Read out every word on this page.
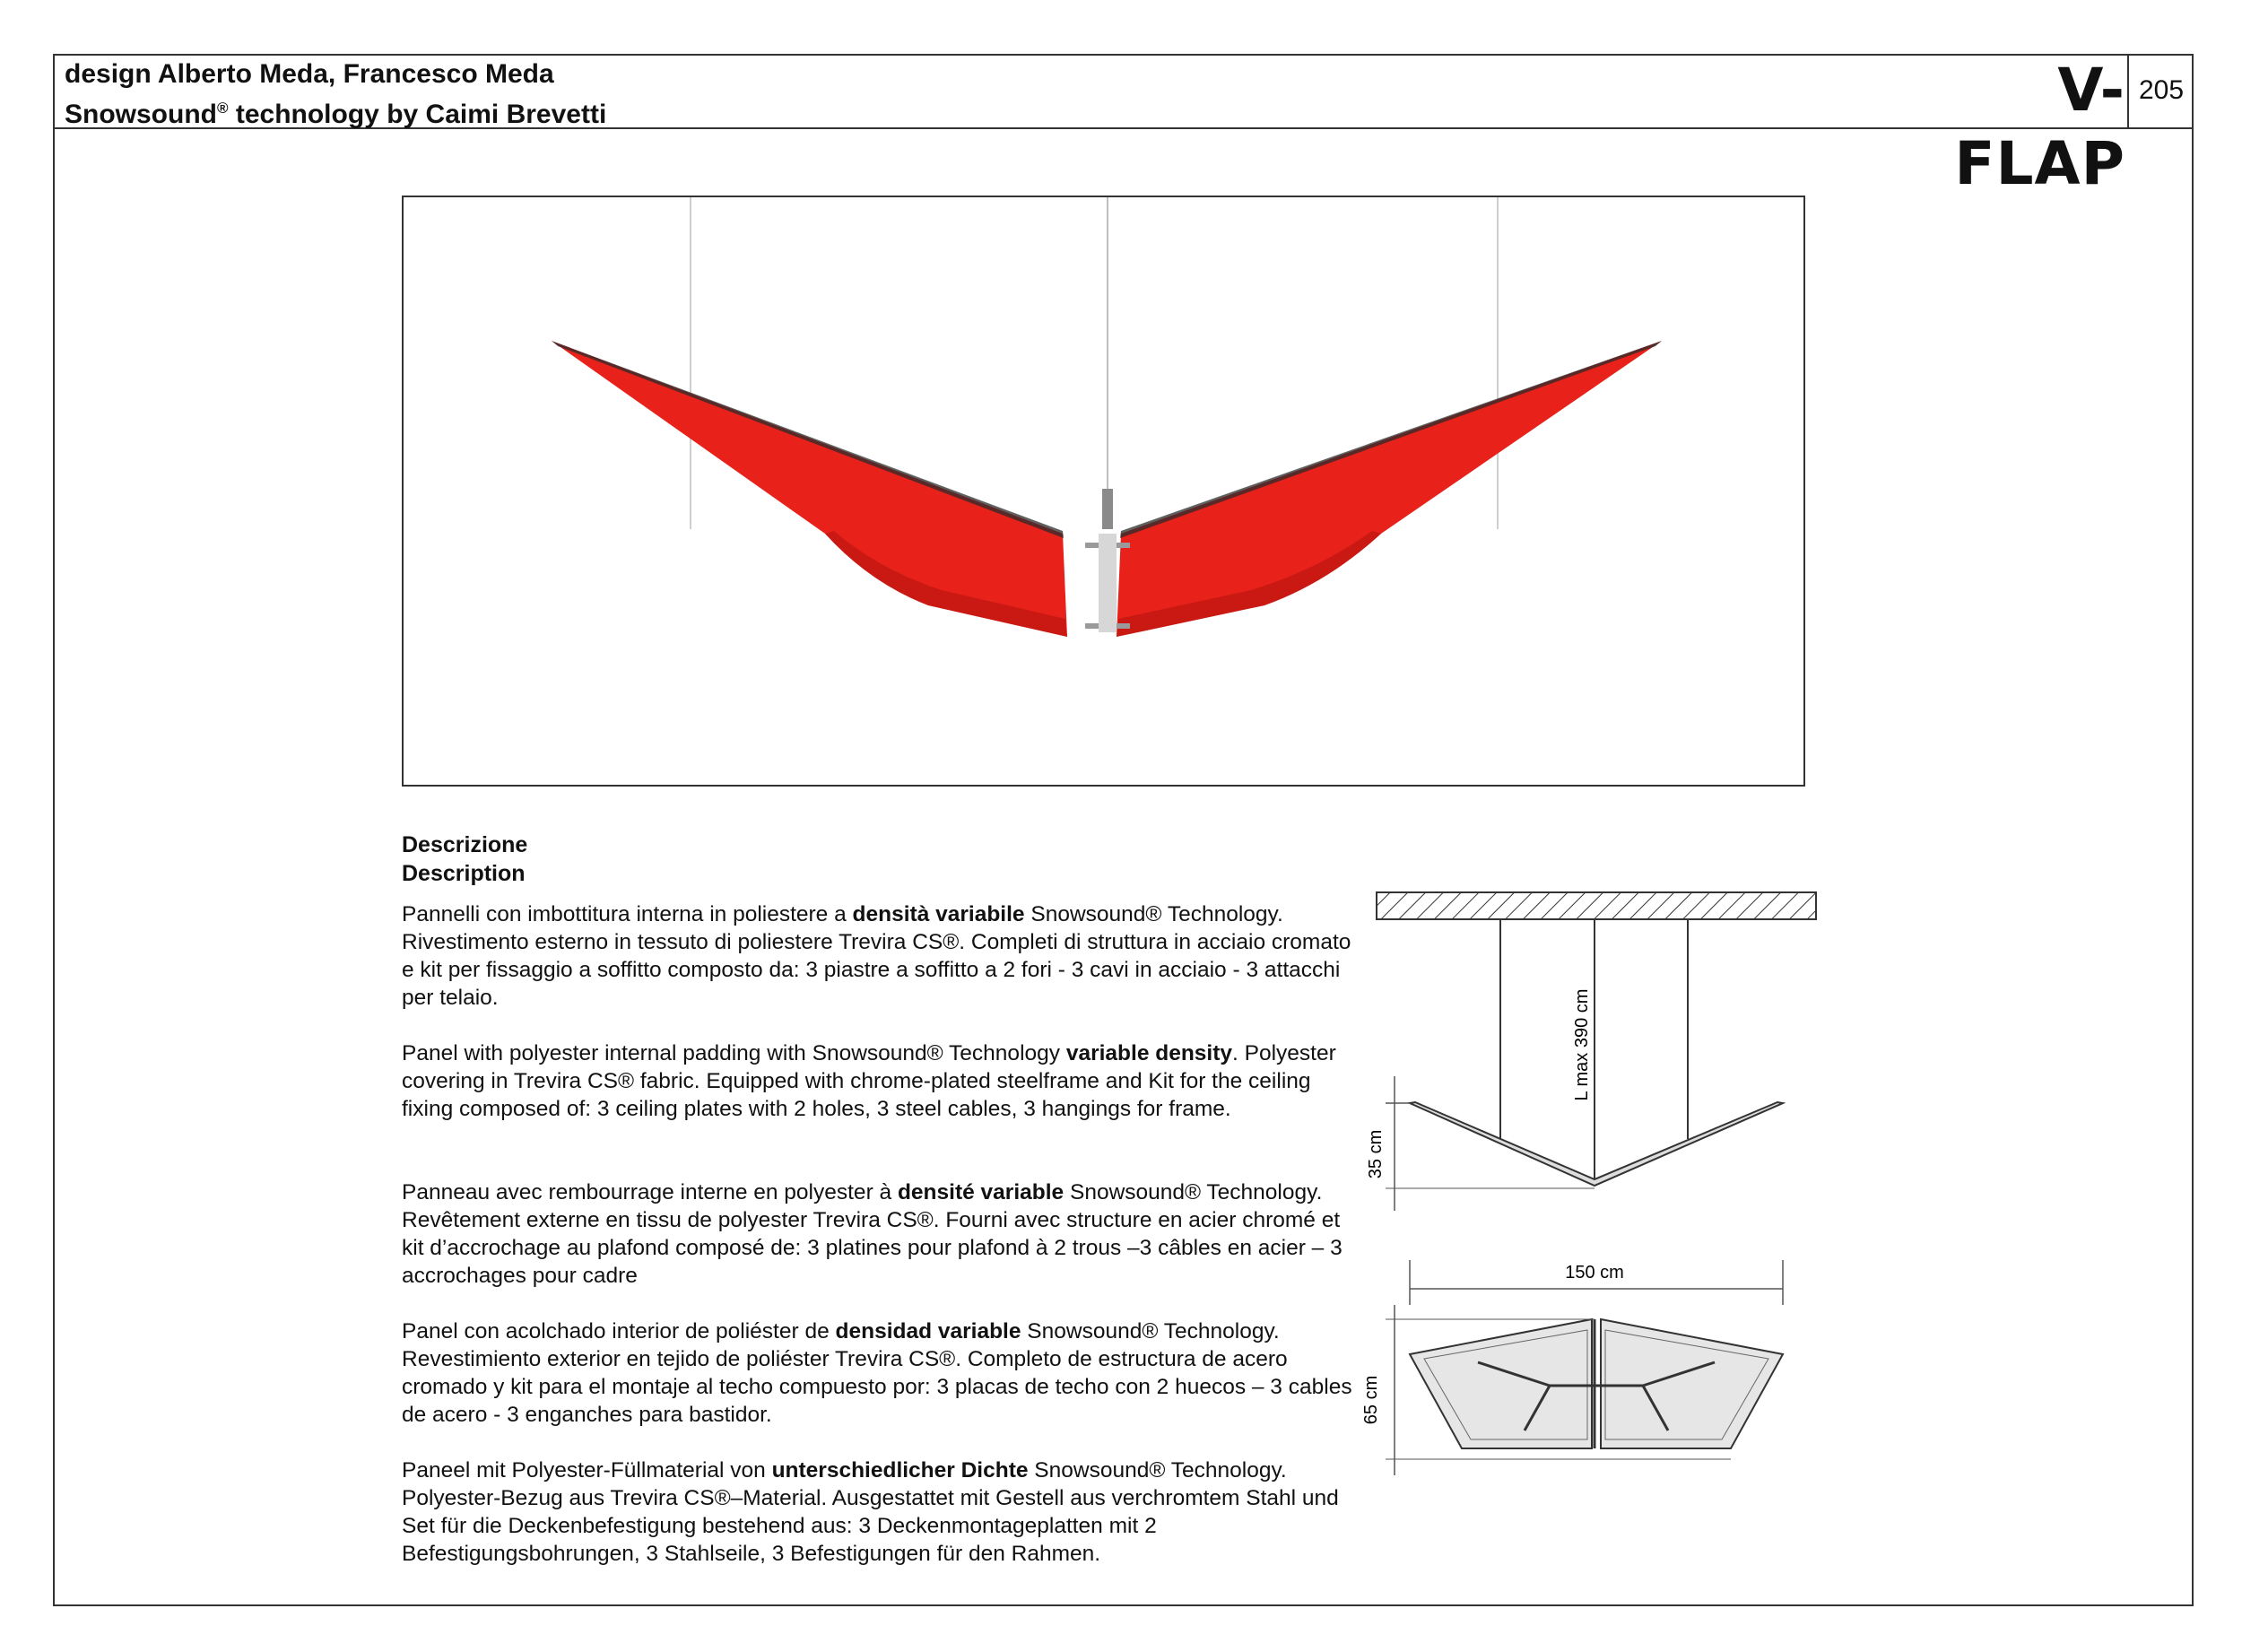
design Alberto Meda, Francesco Meda
Snowsound® technology by Caimi Brevetti	V-FLAP
205
Descrizione
Description
Pannelli con imbottitura interna in poliestere a densità variabile Snowsound® Technology. Rivestimento esterno in tessuto di poliestere Trevira CS®. Completi di struttura in acciaio cromato e kit per fissaggio a soffitto composto da: 3 piastre a soffitto a 2 fori - 3 cavi in acciaio - 3 attacchi per telaio.
Panel with polyester internal padding with Snowsound® Technology variable density. Polyester covering in Trevira CS® fabric. Equipped with chrome-plated steelframe and Kit for the ceiling fixing composed of: 3 ceiling plates with 2 holes, 3 steel cables, 3 hangings for frame.
Panneau avec rembourrage interne en polyester à densité variable Snowsound® Technology. Revêtement externe en tissu de polyester Trevira CS®. Fourni avec structure en acier chromé et kit d’accrochage au plafond composé de: 3 platines pour plafond à 2 trous –3 câbles en acier – 3 accrochages pour cadre
Panel con acolchado interior de poliéster de densidad variable Snowsound® Technology. Revestimiento exterior en tejido de poliéster Trevira CS®. Completo de estructura de acero cromado y kit para el montaje al techo compuesto por: 3 placas de techo con 2 huecos – 3 cables de acero - 3 enganches para bastidor.
Paneel mit Polyester-Füllmaterial von unterschiedlicher Dichte Snowsound® Technology. Polyester-Bezug aus Trevira CS®–Material. Ausgestattet mit Gestell aus verchromtem Stahl und Set für die Deckenbefestigung bestehend aus: 3 Deckenmontageplatten mit 2 Befestigungsbohrungen, 3 Stahlseile, 3 Befestigungen für den Rahmen.
L max 390 cm
35 cm
150 cm
65 cm
